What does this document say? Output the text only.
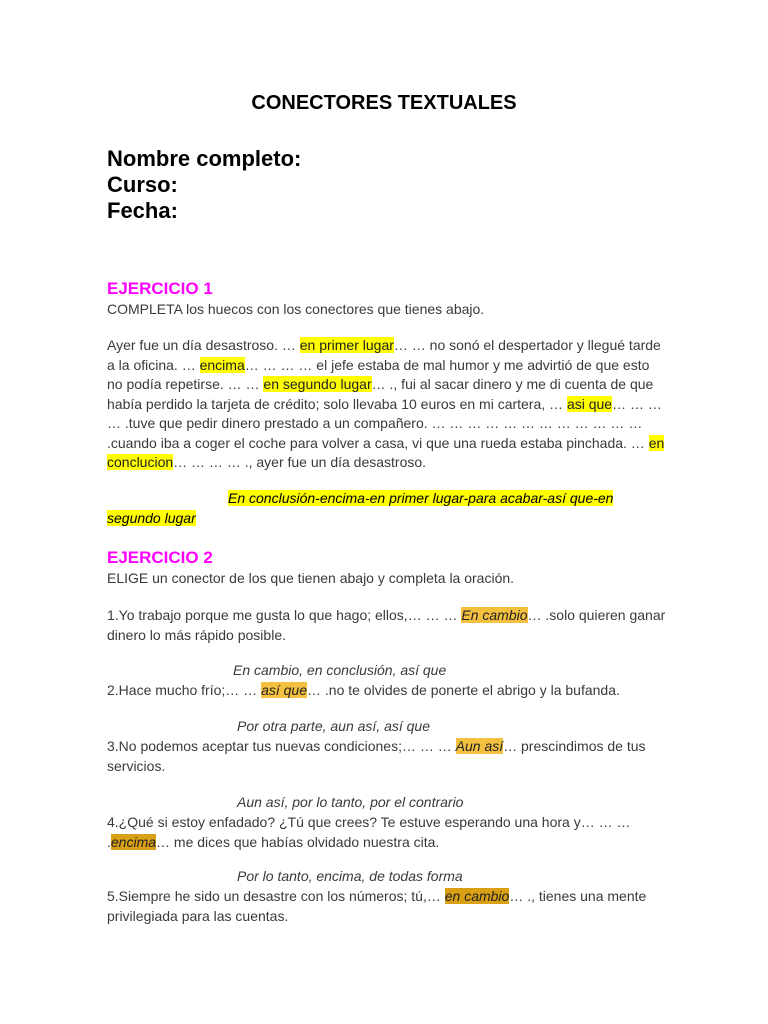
CONECTORES TEXTUALES
Nombre completo:
Curso:
Fecha:
EJERCICIO 1
COMPLETA los huecos con los conectores que tienes abajo.
Ayer fue un día desastroso. … en primer lugar… … no sonó el despertador y llegué tarde a la oficina. … encima… … … … el jefe estaba de mal humor y me advirtió de que esto no podía repetirse. … … en segundo lugar… ., fui al sacar dinero y me di cuenta de que había perdido la tarjeta de crédito; solo llevaba 10 euros en mi cartera, … asi que… … … … .tuve que pedir dinero prestado a un compañero. … … … … … … … … … … … … .cuando iba a coger el coche para volver a casa, vi que una rueda estaba pinchada. … en conclucion… … … … ., ayer fue un día desastroso.
En conclusión-encima-en primer lugar-para acabar-así que-en
segundo lugar
EJERCICIO 2
ELIGE un conector de los que tienen abajo y completa la oración.
1.Yo trabajo porque me gusta lo que hago; ellos,… … … En cambio… .solo quieren ganar dinero lo más rápido posible.
En cambio, en conclusión, así que
2.Hace mucho frío;… … así que… .no te olvides de ponerte el abrigo y la bufanda.
Por otra parte, aun así, así que
3.No podemos aceptar tus nuevas condiciones;… … … Aun así… prescindimos de tus servicios.
Aun así, por lo tanto, por el contrario
4.¿Qué si estoy enfadado? ¿Tú que crees? Te estuve esperando una hora y… … … .encima… me dices que habías olvidado nuestra cita.
Por lo tanto, encima, de todas forma
5.Siempre he sido un desastre con los números; tú,… en cambio… ., tienes una mente privilegiada para las cuentas.
